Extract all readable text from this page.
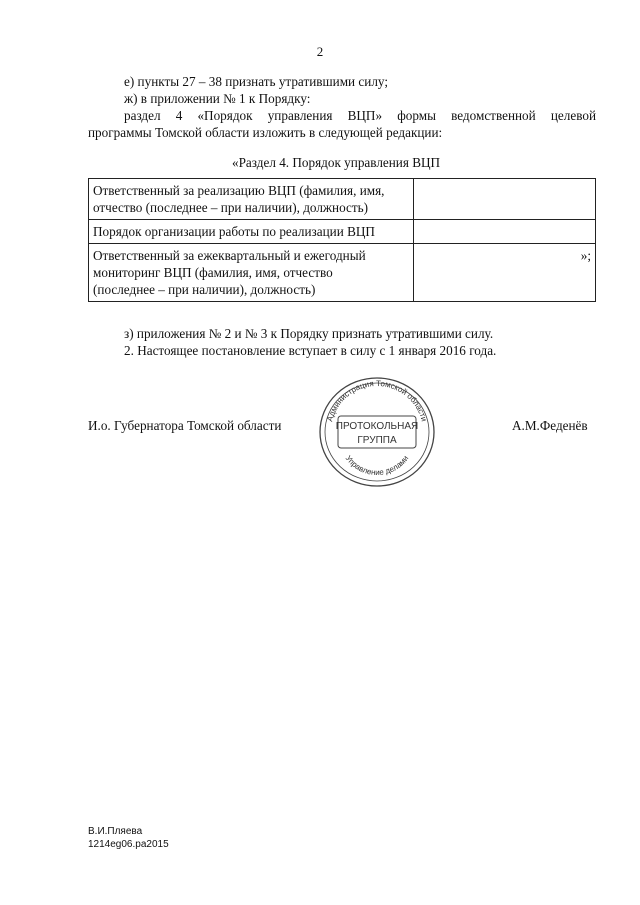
2
е) пункты 27 – 38 признать утратившими силу;
ж) в приложении № 1 к Порядку:
раздел 4 «Порядок управления ВЦП» формы ведомственной целевой
программы Томской области изложить в следующей редакции:
«Раздел 4. Порядок управления ВЦП
Ответственный за реализацию ВЦП (фамилия, имя,
отчество (последнее – при наличии), должность)	

Порядок организации работы по реализации ВЦП	

Ответственный за ежеквартальный и ежегодный
мониторинг ВЦП (фамилия, имя, отчество
(последнее – при наличии), должность)	»;
з) приложения № 2 и № 3 к Порядку признать утратившими силу.
2. Настоящее постановление вступает в силу с 1 января 2016 года.
И.о. Губернатора Томской области	А.М.Феденёв
Администрация Томской области
Управление делами
ПРОТОКОЛЬНАЯ
ГРУППА
В.И.Пляева
1214eg06.pa2015
